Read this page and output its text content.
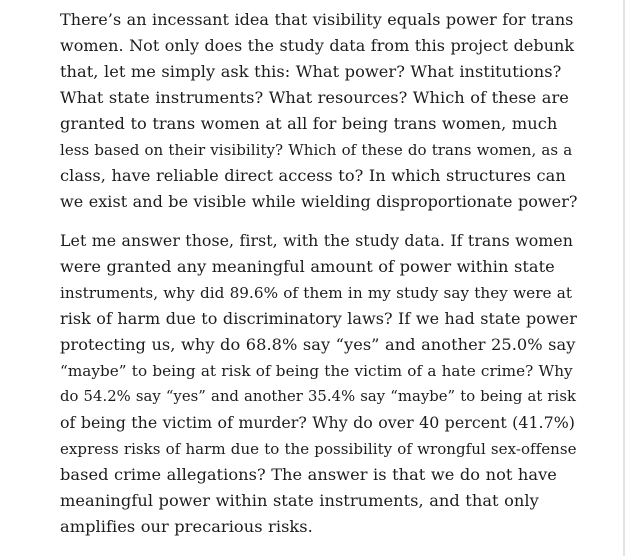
There’s an incessant idea that visibility equals power for trans
women. Not only does the study data from this project debunk
that, let me simply ask this: What power? What institutions?
What state instruments? What resources? Which of these are
granted to trans women at all for being trans women, much
less based on their visibility? Which of these do trans women, as a
class, have reliable direct access to? In which structures can
we exist and be visible while wielding disproportionate power?

Let me answer those, first, with the study data. If trans women
were granted any meaningful amount of power within state
instruments, why did 89.6% of them in my study say they were at
risk of harm due to discriminatory laws? If we had state power
protecting us, why do 68.8% say “yes” and another 25.0% say
“maybe” to being at risk of being the victim of a hate crime? Why
do 54.2% say “yes” and another 35.4% say “maybe” to being at risk
of being the victim of murder? Why do over 40 percent (41.7%)
express risks of harm due to the possibility of wrongful sex-offense
based crime allegations? The answer is that we do not have
meaningful power within state instruments, and that only
amplifies our precarious risks.
